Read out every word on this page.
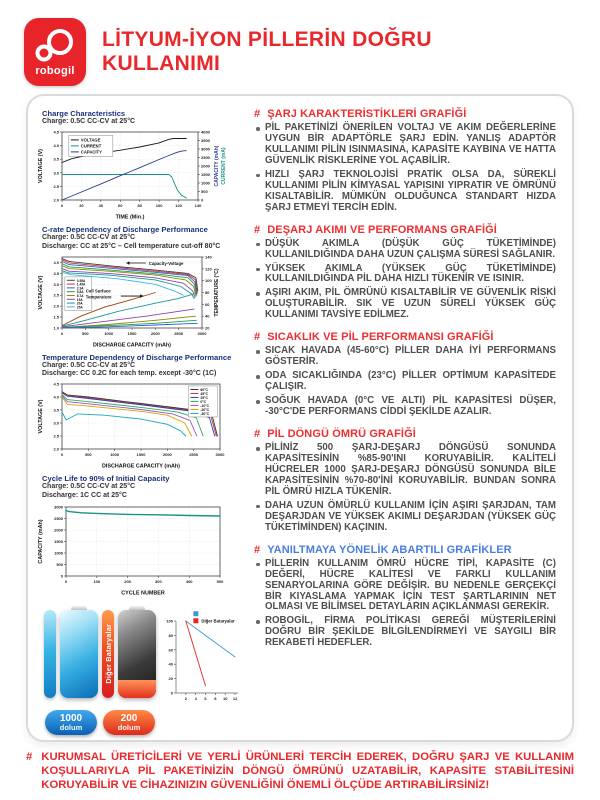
robogil
LİTYUM-İYON PİLLERİN DOĞRU
KULLANIMI
Charge Characteristics
Charge: 0.5C CC-CV at 25°C
0	20	40	60	80	100	120	140
2.0
2.5
3.0
3.5
4.0
4.5
0
500
1000
1500
2000
2500
3000
3500
4000
TIME (Min.)
VOLTAGE (V)	CAPACITY (mAh) CURRENT (mA)
VOLTAGE
CURRENT
CAPACITY
C-rate Dependency of Discharge Performance
Charge: 0.5C CC-CV at 25°C
Discharge: CC at 25°C – Cell temperature cut-off 80°C
0	500	1000	1500	2000	2500	3000
1.0
1.5
2.0
2.5
3.0
3.5
4.0
20
40
60
80
100
120
140
DISCHARGE CAPACITY (mAh)
VOLTAGE (V)	TEMPERATURE (°C)
0.58A
1.45A
2.9A
5.8A
8.7A
15A
20A
25A
Capacity-Voltage
Cell Surface
Temperature
Temperature Dependency of Discharge Performance
Charge: 0.5C CC-CV at 25°C
Discharge: CC 0.2C for each temp. except -30°C (1C)
0	500	1000	1500	2000	2500	3000
2.0
2.5
3.0
3.5
4.0
4.5
DISCHARGE CAPACITY (mAh)
VOLTAGE (V)
60°C
45°C
25°C
0°C
-10°C
-20°C
-30°C
Cycle Life to 90% of Initial Capacity
Charge: 0.5C CC-CV at 25°C
Discharge: 1C CC at 25°C
0	100	200	300	400	500
0
500
1000
1500
2000
2500
3000
CYCLE NUMBER
CAPACITY (mAh)
Diğer Bataryalar
1000
dolum
200
dolum
2 4 6 8 10 12
0
20
40
60
80
100	Diğer Bataryalar
# ŞARJ KARAKTERİSTİKLERİ GRAFİĞİ
PİL PAKETİNİZİ ÖNERİLEN VOLTAJ VE AKIM DEĞERLERİNE UYGUN BİR ADAPTÖRLE ŞARJ EDİN. YANLIŞ ADAPTÖR KULLANIMI PİLİN ISINMASINA, KAPASİTE KAYBINA VE HATTA GÜVENLİK RİSKLERİNE YOL AÇABİLİR.
HIZLI ŞARJ TEKNOLOJİSİ PRATİK OLSA DA, SÜREKLİ KULLANIMI PİLİN KİMYASAL YAPISINI YIPRATIR VE ÖMRÜNÜ KISALTABİLİR. MÜMKÜN OLDUĞUNCA STANDART HIZDA ŞARJ ETMEYİ TERCİH EDİN.
# DEŞARJ AKIMI VE PERFORMANS GRAFİĞİ
DÜŞÜK AKIMLA (DÜŞÜK GÜÇ TÜKETİMİNDE) KULLANILDIĞINDA DAHA UZUN ÇALIŞMA SÜRESİ SAĞLANIR.
YÜKSEK AKIMLA (YÜKSEK GÜÇ TÜKETİMİNDE) KULLANILDIĞINDA PİL DAHA HIZLI TÜKENİR VE ISINIR.
AŞIRI AKIM, PİL ÖMRÜNÜ KISALTABİLİR VE GÜVENLİK RİSKİ OLUŞTURABİLİR. SIK VE UZUN SÜRELİ YÜKSEK GÜÇ KULLANIMI TAVSİYE EDİLMEZ.
# SICAKLIK VE PİL PERFORMANSI GRAFİĞİ
SICAK HAVADA (45-60°C) PİLLER DAHA İYİ PERFORMANS GÖSTERİR.
ODA SICAKLIĞINDA (23°C) PİLLER OPTİMUM KAPASİTEDE ÇALIŞIR.
SOĞUK HAVADA (0°C VE ALTI) PİL KAPASİTESİ DÜŞER, -30°C'DE PERFORMANS CİDDİ ŞEKİLDE AZALIR.
# PİL DÖNGÜ ÖMRÜ GRAFİĞİ
PİLİNİZ 500 ŞARJ-DEŞARJ DÖNGÜSÜ SONUNDA KAPASİTESİNİN %85-90'INI KORUYABİLİR. KALİTELİ HÜCRELER 1000 ŞARJ-DEŞARJ DÖNGÜSÜ SONUNDA BİLE KAPASİTESİNİN %70-80'İNİ KORUYABİLİR. BUNDAN SONRA PİL ÖMRÜ HIZLA TÜKENİR.
DAHA UZUN ÖMÜRLÜ KULLANIM İÇİN AŞIRI ŞARJDAN, TAM DEŞARJDAN VE YÜKSEK AKIMLI DEŞARJDAN (YÜKSEK GÜÇ TÜKETİMİNDEN) KAÇININ.
# YANILTMAYA YÖNELİK ABARTILI GRAFİKLER
PİLLERİN KULLANIM ÖMRÜ HÜCRE TİPİ, KAPASİTE (C) DEĞERİ, HÜCRE KALİTESİ VE FARKLI KULLANIM SENARYOLARINA GÖRE DEĞİŞİR. BU NEDENLE GERÇEKÇİ BİR KIYASLAMA YAPMAK İÇİN TEST ŞARTLARININ NET OLMASI VE BİLİMSEL DETAYLARIN AÇIKLANMASI GEREKİR.
ROBOGİL, FİRMA POLİTİKASI GEREĞİ MÜŞTERİLERİNİ DOĞRU BİR ŞEKİLDE BİLGİLENDİRMEYİ VE SAYGILI BİR REKABETİ HEDEFLER.
# KURUMSAL ÜRETİCİLERİ VE YERLİ ÜRÜNLERİ TERCİH EDEREK, DOĞRU ŞARJ VE KULLANIM KOŞULLARIYLA PİL PAKETİNİZİN DÖNGÜ ÖMRÜNÜ UZATABİLİR, KAPASİTE STABİLİTESİNİ KORUYABİLİR VE CİHAZINIZIN GÜVENLİĞİNİ ÖNEMLİ ÖLÇÜDE ARTIRABİLİRSİNİZ!
